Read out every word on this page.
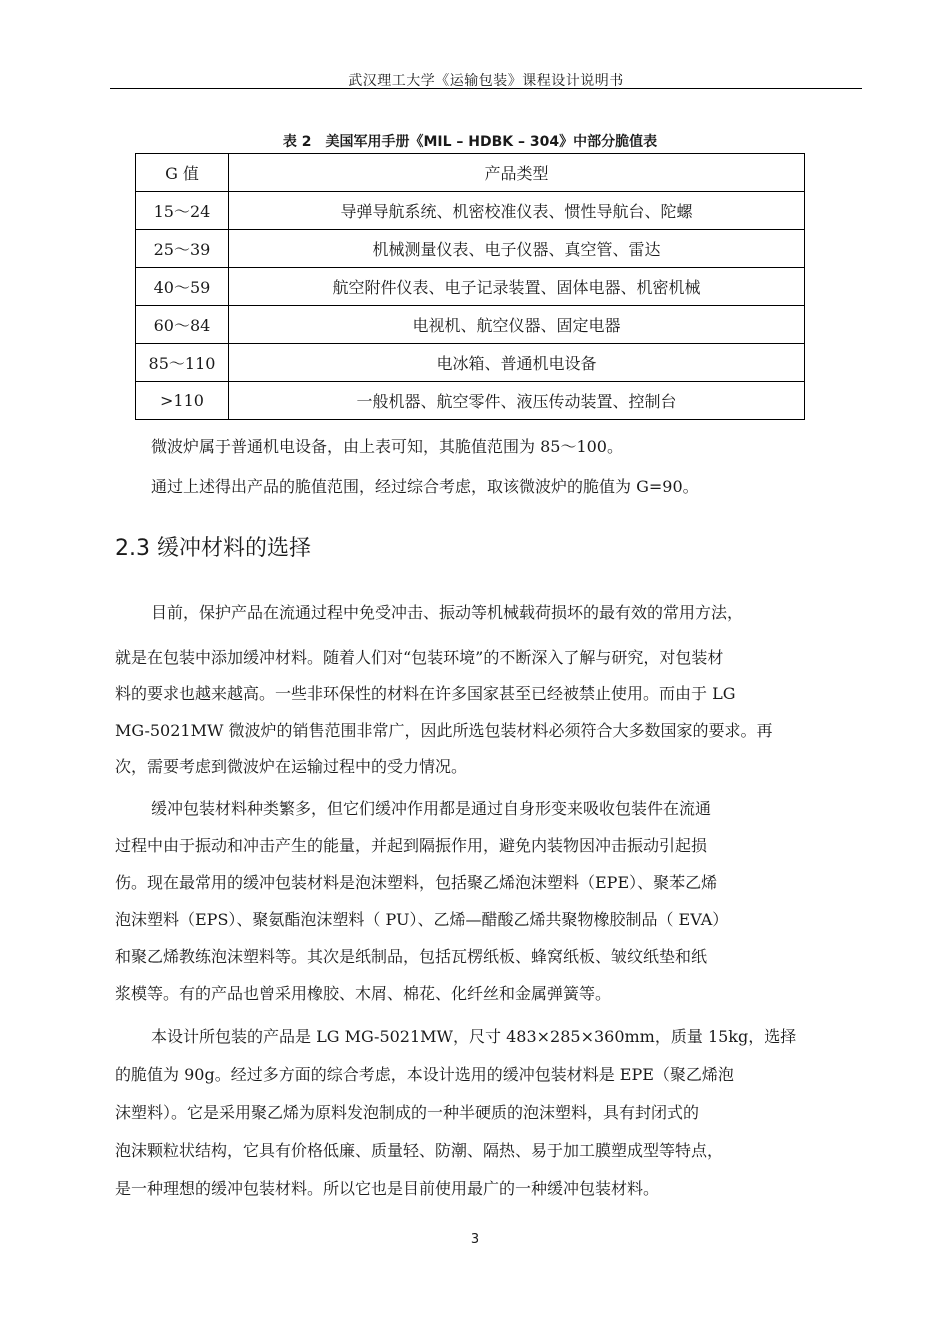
武汉理工大学《运输包装》课程设计说明书
表 2　美国军用手册《MIL – HDBK – 304》中部分脆值表
G 值	产品类型
15～24	导弹导航系统、机密校准仪表、惯性导航台、陀螺
25～39	机械测量仪表、电子仪器、真空管、雷达
40～59	航空附件仪表、电子记录装置、固体电器、机密机械
60～84	电视机、航空仪器、固定电器
85～110	电冰箱、普通机电设备
>110	一般机器、航空零件、液压传动装置、控制台
微波炉属于普通机电设备，由上表可知，其脆值范围为 85～100。
通过上述得出产品的脆值范围，经过综合考虑，取该微波炉的脆值为 G=90。
2.3 缓冲材料的选择
目前，保护产品在流通过程中免受冲击、振动等机械载荷损坏的最有效的常用方法，
就是在包装中添加缓冲材料。随着人们对“包装环境”的不断深入了解与研究，对包装材
料的要求也越来越高。一些非环保性的材料在许多国家甚至已经被禁止使用。而由于 LG
MG-5021MW 微波炉的销售范围非常广，因此所选包装材料必须符合大多数国家的要求。再
次，需要考虑到微波炉在运输过程中的受力情况。
缓冲包装材料种类繁多，但它们缓冲作用都是通过自身形变来吸收包装件在流通
过程中由于振动和冲击产生的能量，并起到隔振作用，避免内装物因冲击振动引起损
伤。现在最常用的缓冲包装材料是泡沫塑料，包括聚乙烯泡沫塑料（EPE）、聚苯乙烯
泡沫塑料（EPS）、聚氨酯泡沫塑料（ PU）、乙烯—醋酸乙烯共聚物橡胶制品（ EVA）
和聚乙烯教练泡沫塑料等。其次是纸制品，包括瓦楞纸板、蜂窝纸板、皱纹纸垫和纸
浆模等。有的产品也曾采用橡胶、木屑、棉花、化纤丝和金属弹簧等。
本设计所包装的产品是 LG MG-5021MW，尺寸 483×285×360mm，质量 15kg，选择
的脆值为 90g。经过多方面的综合考虑，本设计选用的缓冲包装材料是 EPE（聚乙烯泡
沫塑料）。它是采用聚乙烯为原料发泡制成的一种半硬质的泡沫塑料，具有封闭式的
泡沫颗粒状结构，它具有价格低廉、质量轻、防潮、隔热、易于加工膜塑成型等特点，
是一种理想的缓冲包装材料。所以它也是目前使用最广的一种缓冲包装材料。
3
